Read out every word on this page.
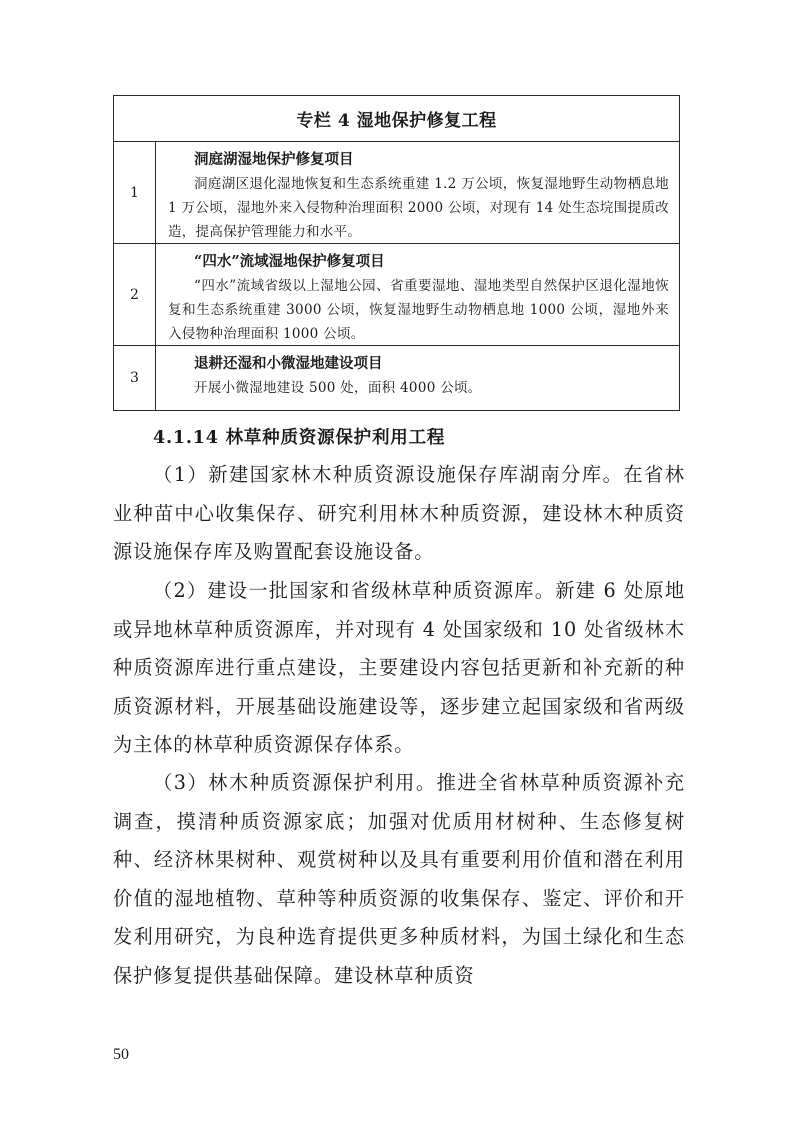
专栏 4 湿地保护修复工程
1
洞庭湖湿地保护修复项目
洞庭湖区退化湿地恢复和生态系统重建 1.2 万公顷，恢复湿地野生动物栖息地 1 万公顷，湿地外来入侵物种治理面积 2000 公顷，对现有 14 处生态垸围提质改造，提高保护管理能力和水平。
2
“四水”流域湿地保护修复项目
“四水”流域省级以上湿地公园、省重要湿地、湿地类型自然保护区退化湿地恢复和生态系统重建 3000 公顷，恢复湿地野生动物栖息地 1000 公顷，湿地外来入侵物种治理面积 1000 公顷。
3
退耕还湿和小微湿地建设项目
开展小微湿地建设 500 处，面积 4000 公顷。
4.1.14 林草种质资源保护利用工程

（1）新建国家林木种质资源设施保存库湖南分库。在省林业种苗中心收集保存、研究利用林木种质资源，建设林木种质资源设施保存库及购置配套设施设备。

（2）建设一批国家和省级林草种质资源库。新建 6 处原地或异地林草种质资源库，并对现有 4 处国家级和 10 处省级林木种质资源库进行重点建设，主要建设内容包括更新和补充新的种质资源材料，开展基础设施建设等，逐步建立起国家级和省两级为主体的林草种质资源保存体系。

（3）林木种质资源保护利用。推进全省林草种质资源补充调查，摸清种质资源家底；加强对优质用材树种、生态修复树种、经济林果树种、观赏树种以及具有重要利用价值和潜在利用价值的湿地植物、草种等种质资源的收集保存、鉴定、评价和开发利用研究，为良种选育提供更多种质材料，为国土绿化和生态保护修复提供基础保障。建设林草种质资

50
